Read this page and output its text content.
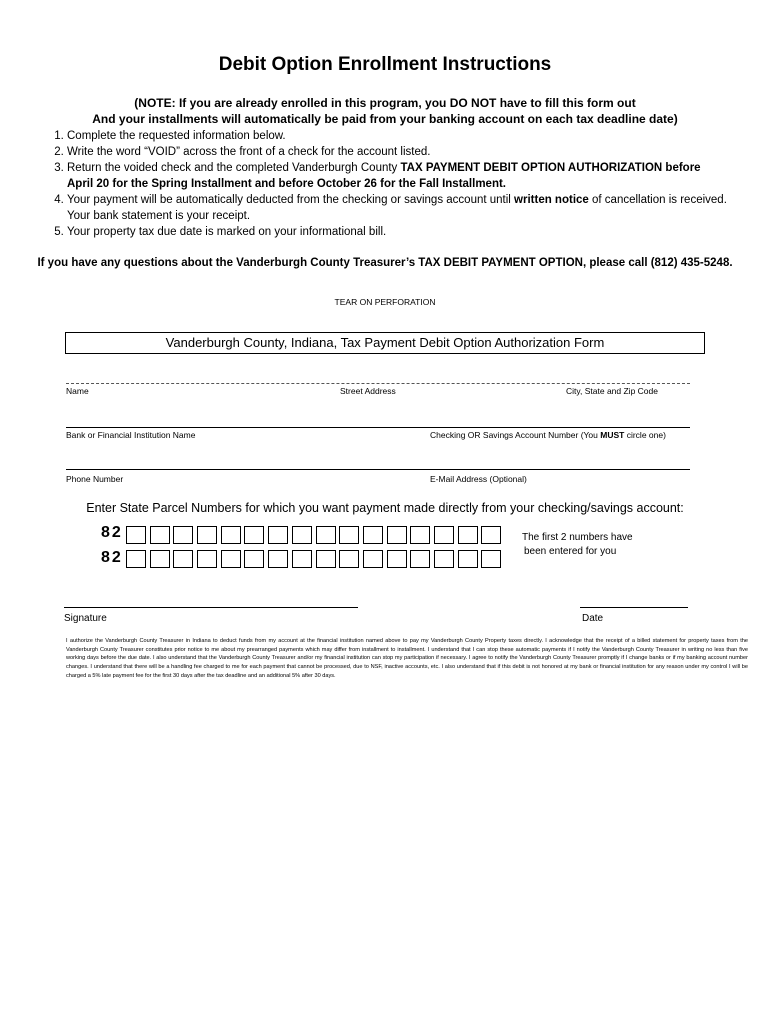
Debit Option Enrollment Instructions
(NOTE: If you are already enrolled in this program, you DO NOT have to fill this form out
And your installments will automatically be paid from your banking account on each tax deadline date)
1. Complete the requested information below.
2. Write the word “VOID” across the front of a check for the account listed.
3. Return the voided check and the completed Vanderburgh County TAX PAYMENT DEBIT OPTION AUTHORIZATION before
April 20 for the Spring Installment and before October 26 for the Fall Installment.
4. Your payment will be automatically deducted from the checking or savings account until written notice of cancellation is received.
Your bank statement is your receipt.
5. Your property tax due date is marked on your informational bill.
If you have any questions about the Vanderburgh County Treasurer’s TAX DEBIT PAYMENT OPTION, please call (812) 435-5248.
TEAR ON PERFORATION
Vanderburgh County, Indiana, Tax Payment Debit Option Authorization Form
Name	Street Address	City, State and Zip Code
Bank or Financial Institution Name	Checking OR Savings Account Number (You MUST circle one)
Phone Number	E-Mail Address (Optional)
Enter State Parcel Numbers for which you want payment made directly from your checking/savings account:
82
82
The first 2 numbers have
been entered for you
Signature	Date
I authorize the Vanderburgh County Treasurer in Indiana to deduct funds from my account at the financial institution named above to pay my Vanderburgh County Property taxes directly. I acknowledge that the receipt of a billed statement for property taxes from the Vanderburgh County Treasurer constitutes prior notice to me about my prearranged payments which may differ from installment to installment. I understand that I can stop these automatic payments if I notify the Vanderburgh County Treasurer in writing no less than five working days before the due date. I also understand that the Vanderburgh County Treasurer and/or my financial institution can stop my participation if necessary. I agree to notify the Vanderburgh County Treasurer promptly if I change banks or if my banking account number changes. I understand that there will be a handling fee charged to me for each payment that cannot be processed, due to NSF, inactive accounts, etc. I also understand that if this debit is not honored at my bank or financial institution for any reason under my control I will be charged a 5% late payment fee for the first 30 days after the tax deadline and an additional 5% after 30 days.
